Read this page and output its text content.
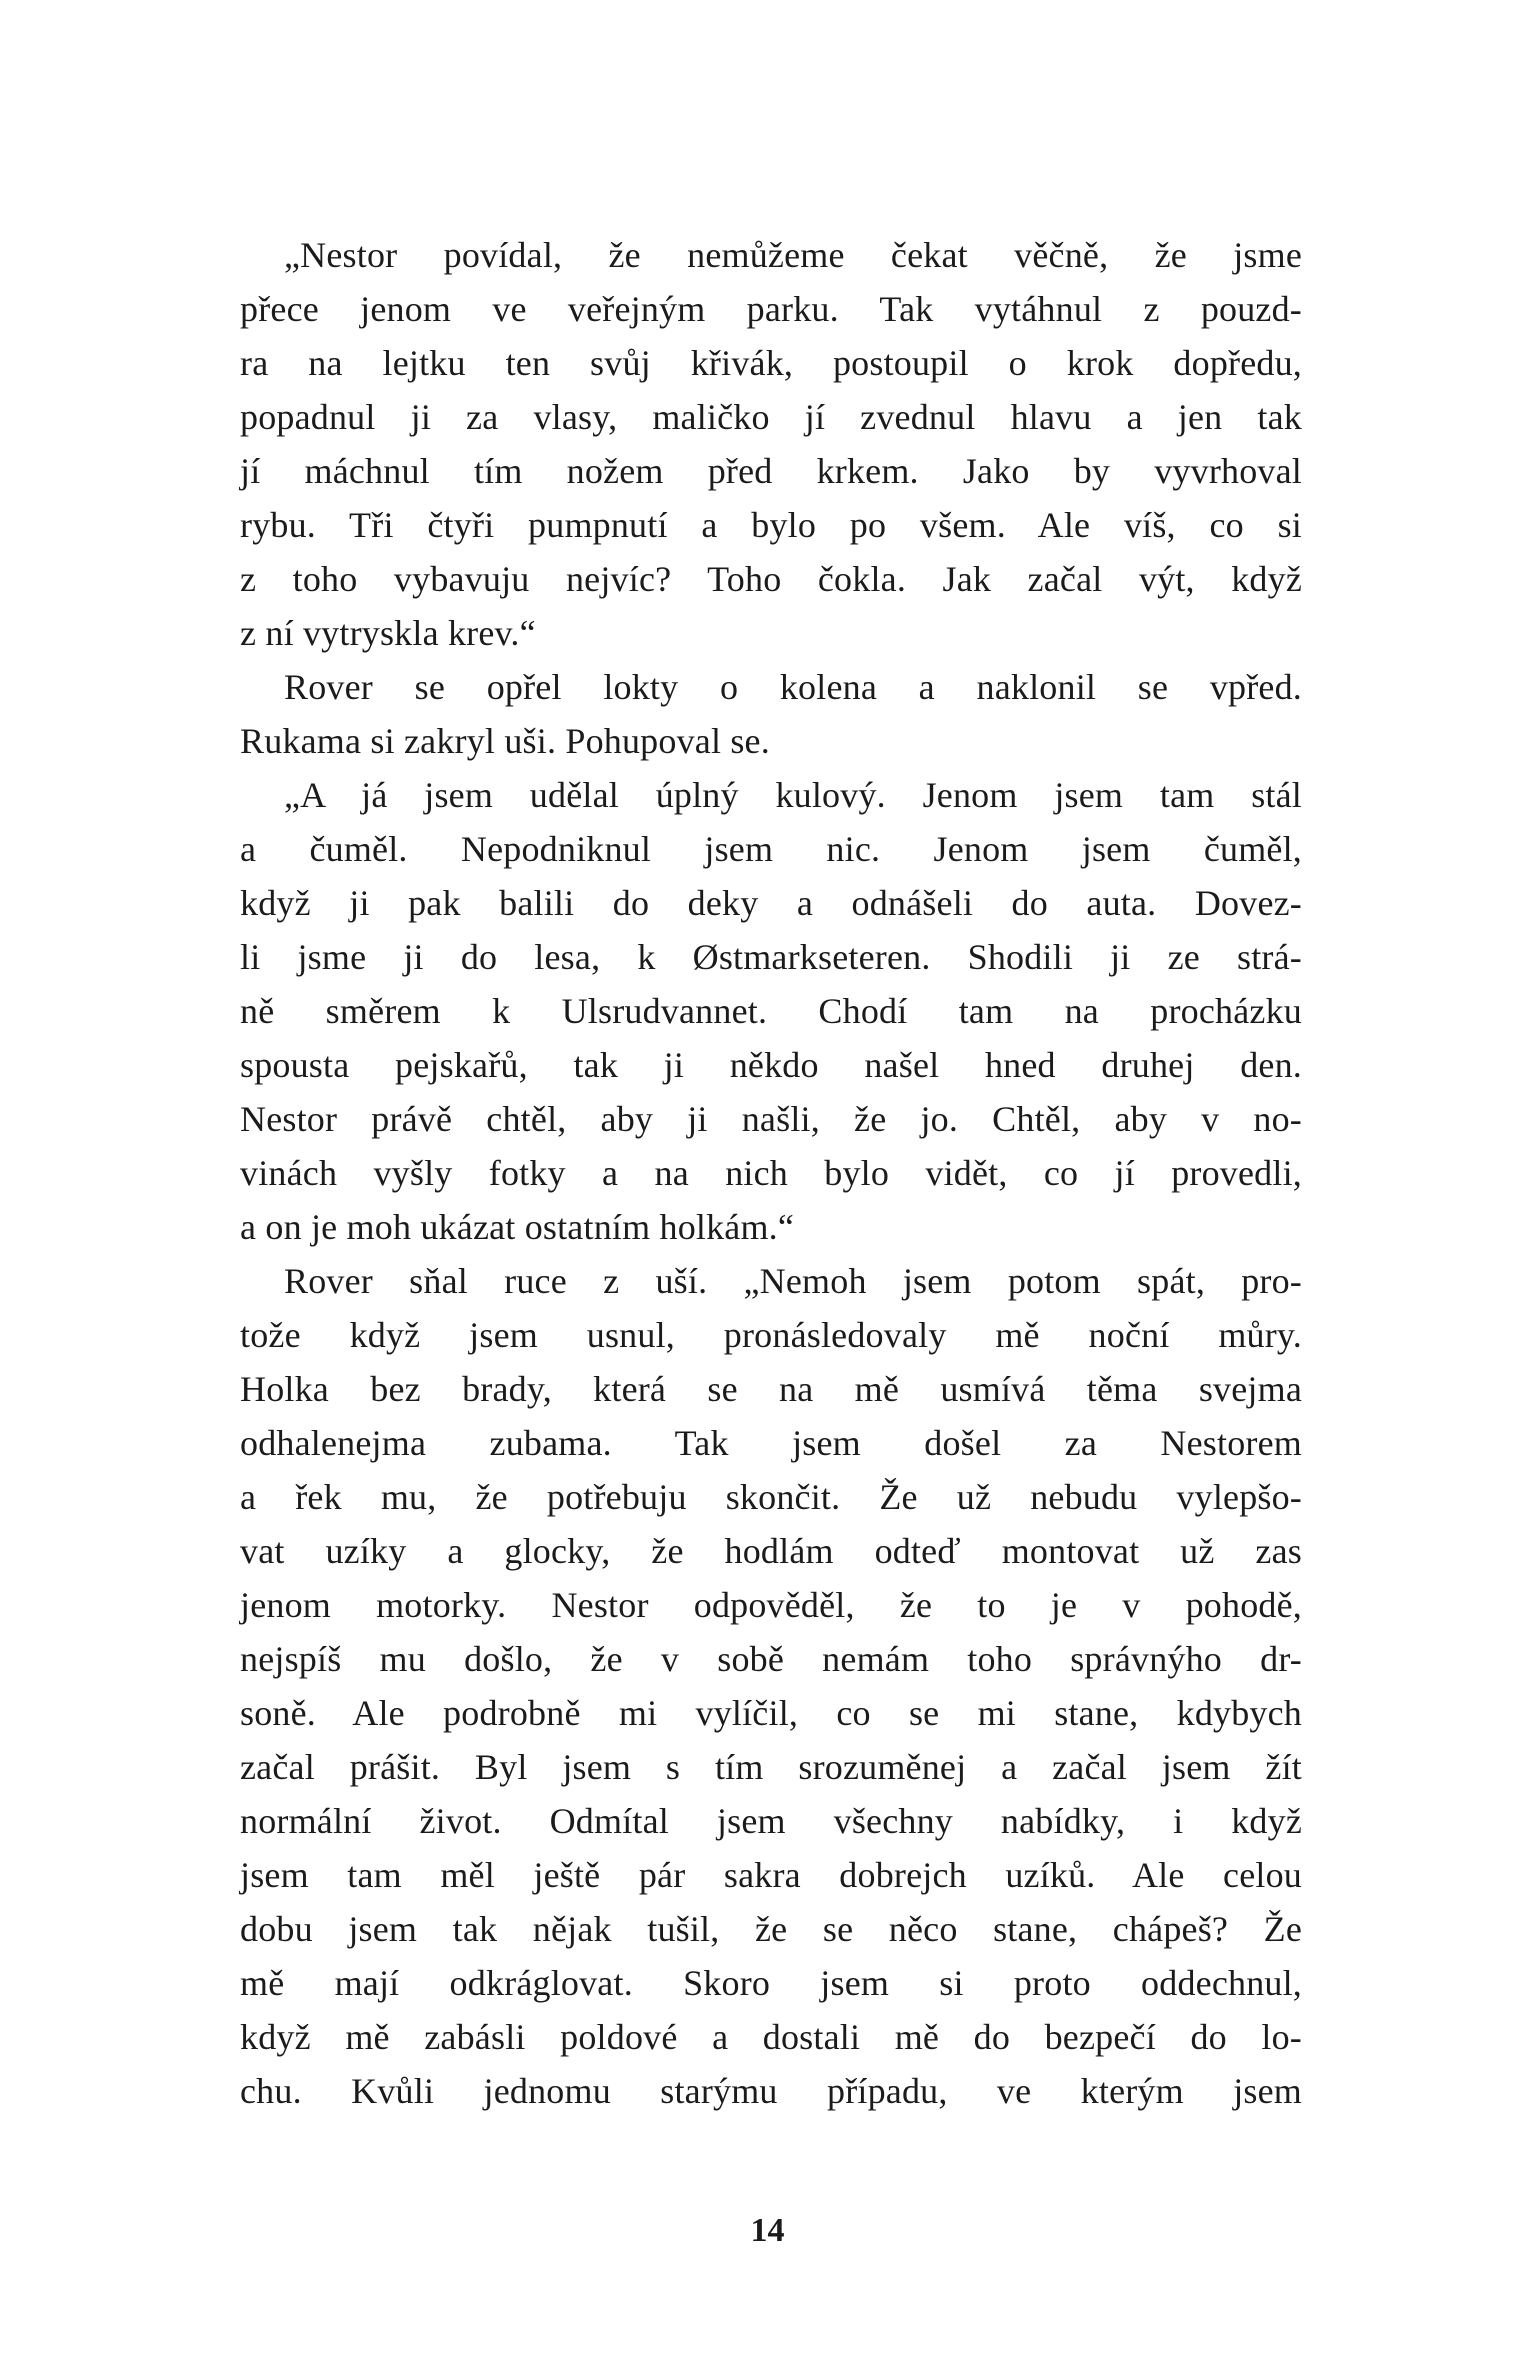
„Nestor povídal, že nemůžeme čekat věčně, že jsme
přece jenom ve veřejným parku. Tak vytáhnul z pouzd-
ra na lejtku ten svůj křivák, postoupil o krok dopředu,
popadnul ji za vlasy, maličko jí zvednul hlavu a jen tak
jí máchnul tím nožem před krkem. Jako by vyvrhoval
rybu. Tři čtyři pumpnutí a bylo po všem. Ale víš, co si
z toho vybavuju nejvíc? Toho čokla. Jak začal výt, když
z ní vytryskla krev.“
Rover se opřel lokty o kolena a naklonil se vpřed.
Rukama si zakryl uši. Pohupoval se.
„A já jsem udělal úplný kulový. Jenom jsem tam stál
a čuměl. Nepodniknul jsem nic. Jenom jsem čuměl,
když ji pak balili do deky a odnášeli do auta. Dovez-
li jsme ji do lesa, k Østmarkseteren. Shodili ji ze strá-
ně směrem k Ulsrudvannet. Chodí tam na procházku
spousta pejskařů, tak ji někdo našel hned druhej den.
Nestor právě chtěl, aby ji našli, že jo. Chtěl, aby v no-
vinách vyšly fotky a na nich bylo vidět, co jí provedli,
a on je moh ukázat ostatním holkám.“
Rover sňal ruce z uší. „Nemoh jsem potom spát, pro-
tože když jsem usnul, pronásledovaly mě noční můry.
Holka bez brady, která se na mě usmívá těma svejma
odhalenejma zubama. Tak jsem došel za Nestorem
a řek mu, že potřebuju skončit. Že už nebudu vylepšo-
vat uzíky a glocky, že hodlám odteď montovat už zas
jenom motorky. Nestor odpověděl, že to je v pohodě,
nejspíš mu došlo, že v sobě nemám toho správnýho dr-
soně. Ale podrobně mi vylíčil, co se mi stane, kdybych
začal prášit. Byl jsem s tím srozuměnej a začal jsem žít
normální život. Odmítal jsem všechny nabídky, i když
jsem tam měl ještě pár sakra dobrejch uzíků. Ale celou
dobu jsem tak nějak tušil, že se něco stane, chápeš? Že
mě mají odkráglovat. Skoro jsem si proto oddechnul,
když mě zabásli poldové a dostali mě do bezpečí do lo-
chu. Kvůli jednomu starýmu případu, ve kterým jsem
14
